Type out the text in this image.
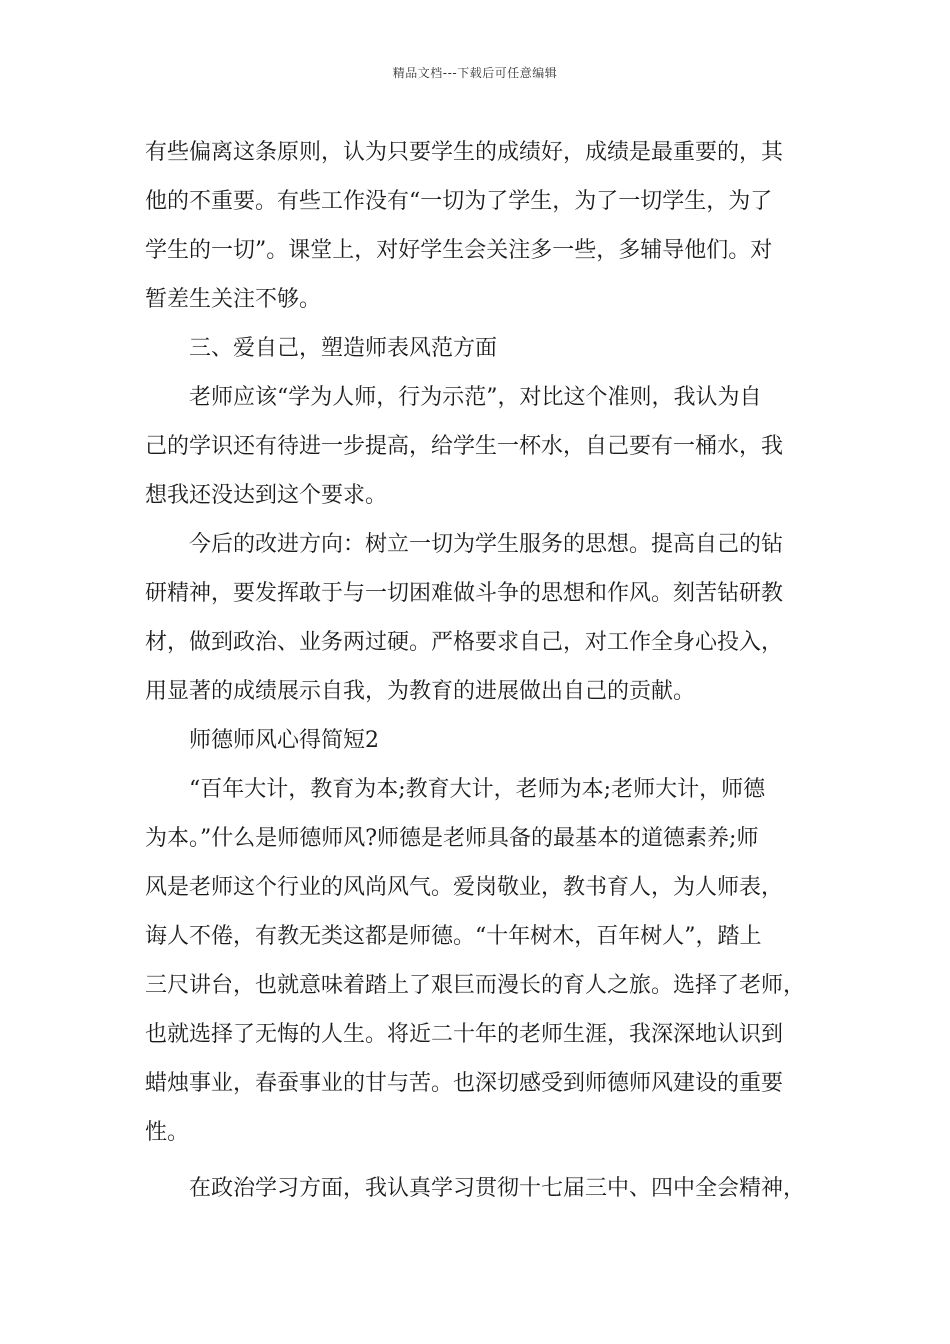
精品文档---下载后可任意编辑
有些偏离这条原则，认为只要学生的成绩好，成绩是最重要的，其
他的不重要。有些工作没有“一切为了学生，为了一切学生，为了
学生的一切”。课堂上，对好学生会关注多一些，多辅导他们。对
暂差生关注不够。
三、爱自己，塑造师表风范方面
老师应该“学为人师，行为示范”，对比这个准则，我认为自
己的学识还有待进一步提高，给学生一杯水，自己要有一桶水，我
想我还没达到这个要求。
今后的改进方向：树立一切为学生服务的思想。提高自己的钻
研精神，要发挥敢于与一切困难做斗争的思想和作风。刻苦钻研教
材，做到政治、业务两过硬。严格要求自己，对工作全身心投入，
用显著的成绩展示自我，为教育的进展做出自己的贡献。
师德师风心得简短2
“百年大计，教育为本;教育大计，老师为本;老师大计，师德
为本。”什么是师德师风?师德是老师具备的最基本的道德素养;师
风是老师这个行业的风尚风气。爱岗敬业，教书育人，为人师表，
诲人不倦，有教无类这都是师德。“十年树木，百年树人”，踏上
三尺讲台，也就意味着踏上了艰巨而漫长的育人之旅。选择了老师，
也就选择了无悔的人生。将近二十年的老师生涯，我深深地认识到
蜡烛事业，春蚕事业的甘与苦。也深切感受到师德师风建设的重要
性。
在政治学习方面，我认真学习贯彻十七届三中、四中全会精神，
